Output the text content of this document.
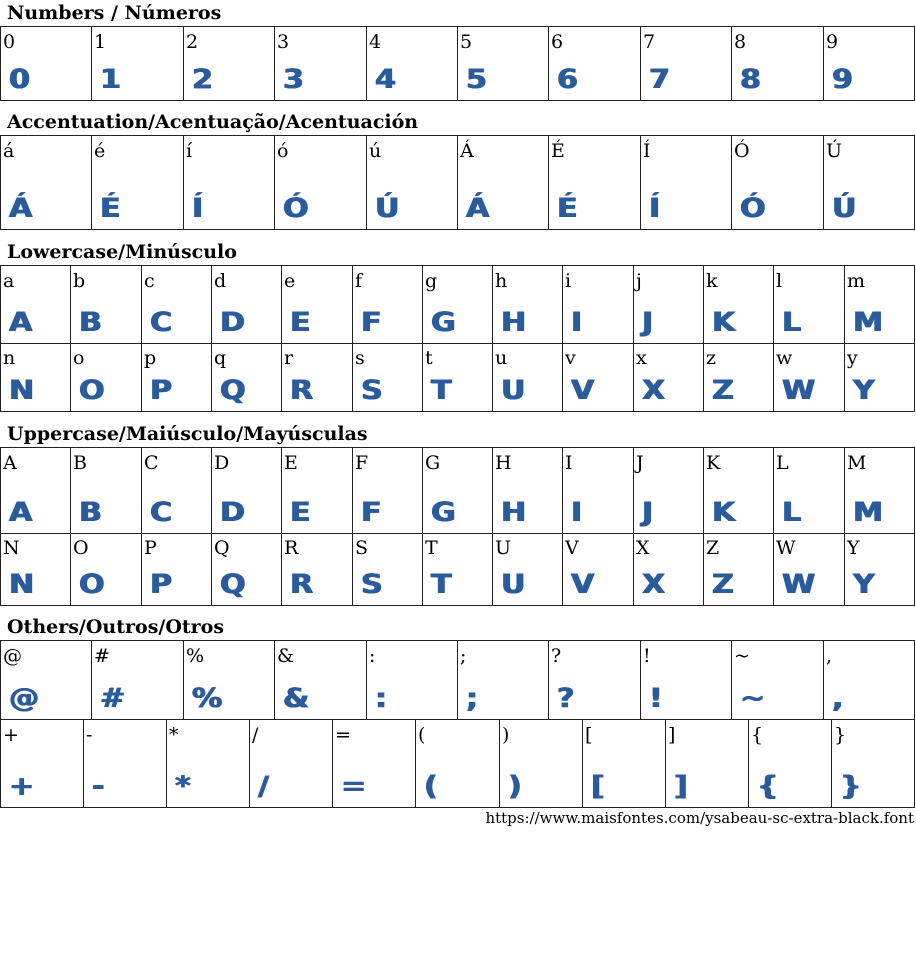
Numbers / Números
0
0
1
1
2
2
3
3
4
4
5
5
6
6
7
7
8
8
9
9
Accentuation/Acentuação/Acentuación
á
Á
é
É
í
Í
ó
Ó
ú
Ú
Á
Á
É
É
Í
Í
Ó
Ó
Ú
Ú
Lowercase/Minúsculo
a
A
b
B
c
C
d
D
e
E
f
F
g
G
h
H
i
I
j
J
k
K
l
L
m
M
n
N
o
O
p
P
q
Q
r
R
s
S
t
T
u
U
v
V
x
X
z
Z
w
W
y
Y
Uppercase/Maiúsculo/Mayúsculas
A
A
B
B
C
C
D
D
E
E
F
F
G
G
H
H
I
I
J
J
K
K
L
L
M
M
N
N
O
O
P
P
Q
Q
R
R
S
S
T
T
U
U
V
V
X
X
Z
Z
W
W
Y
Y
Others/Outros/Otros
@
@
#
#
%
%
&
&
:
:
;
;
?
?
!
!
~
~
,
,
+
+
-
-
*
*
/
/
=
=
(
(
)
)
[
[
]
]
{
{
}
}
https://www.maisfontes.com/ysabeau-sc-extra-black.font
